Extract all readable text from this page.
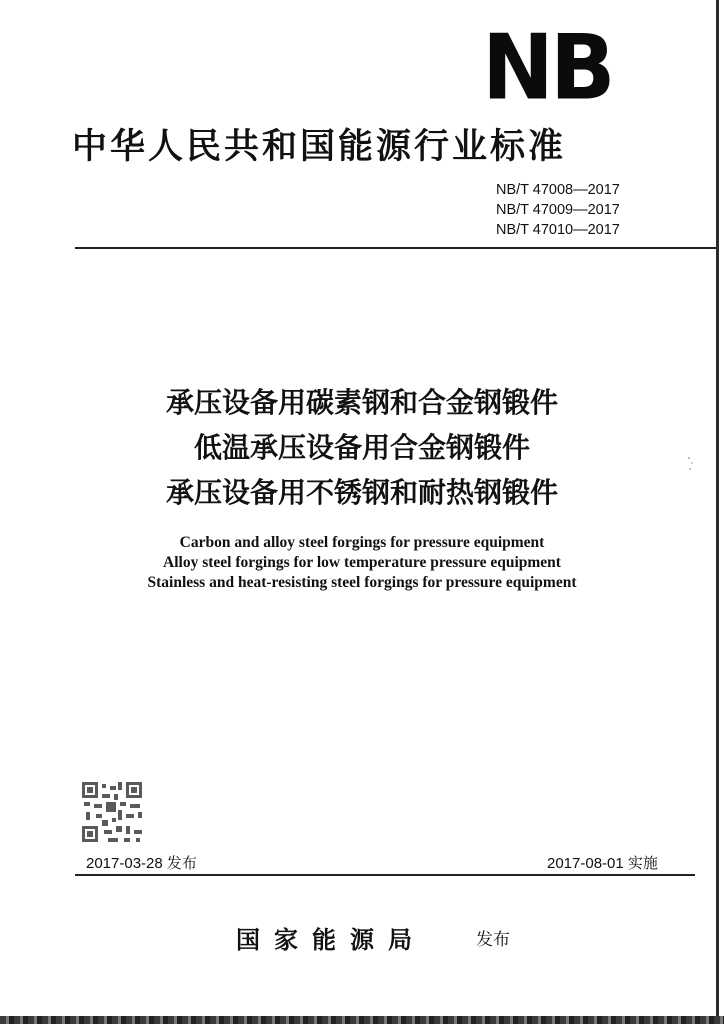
NB
中华人民共和国能源行业标准
NB/T 47008—2017
NB/T 47009—2017
NB/T 47010—2017
承压设备用碳素钢和合金钢锻件
低温承压设备用合金钢锻件
承压设备用不锈钢和耐热钢锻件
Carbon and alloy steel forgings for pressure equipment
Alloy steel forgings for low temperature pressure equipment
Stainless and heat-resisting steel forgings for pressure equipment
2017-03-28 发布	2017-08-01 实施
国家能源局	发布
